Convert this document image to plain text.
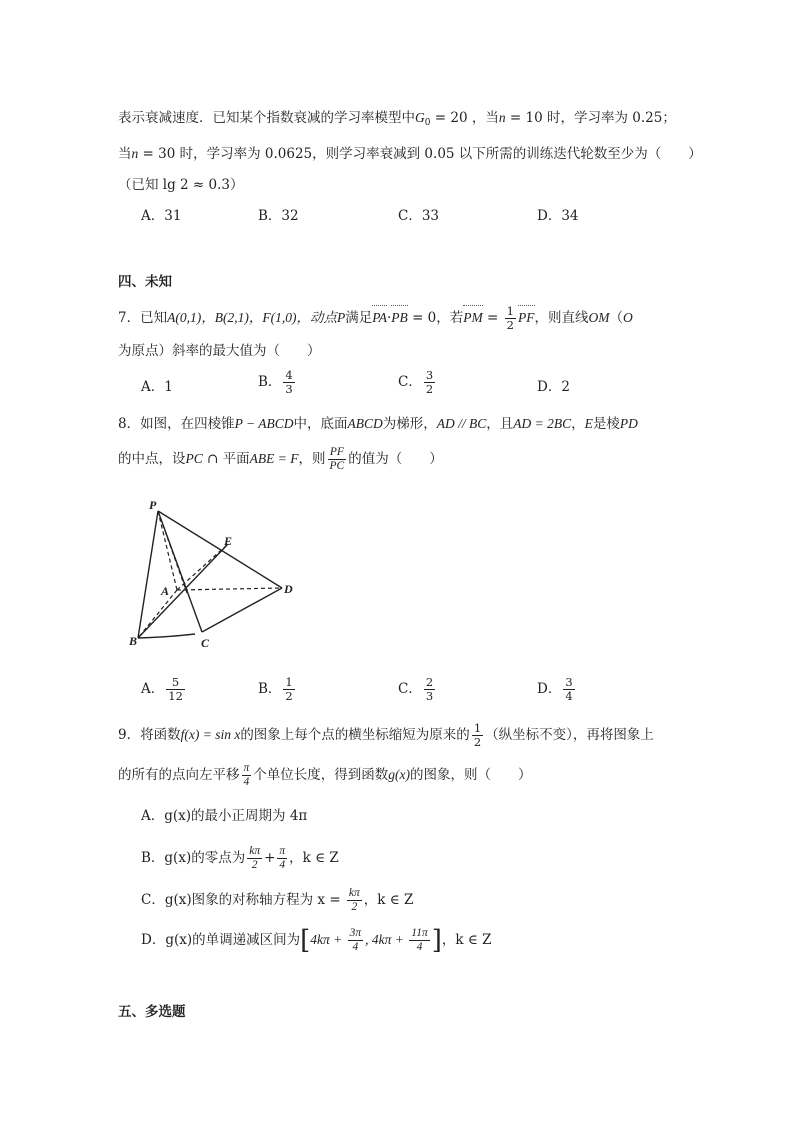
表示衰减速度．已知某个指数衰减的学习率模型中$G_0 = 20$ ，当n = 10 时，学习率为 0.25；
当n = 30 时，学习率为 0.0625，则学习率衰减到 0.05 以下所需的训练迭代轮数至少为（　　）
（已知 lg 2 ≈ 0.3）
A．31	B．32	C．33	D．34
四、未知
7．已知A(0,1)，B(2,1)，F(1,0)，动点P满足PA·PB = 0，若PM = $\frac{1}{2}$ PF，则直线OM（O
为原点）斜率的最大值为（　　）
A．1	B． $\frac{4}{3}$	C． $\frac{3}{2}$	D．2
8．如图，在四棱锥P − ABCD中，底面ABCD为梯形，AD // BC，且AD = 2BC，E是棱PD
的中点，设PC ∩ 平面ABE = F，则 $\frac{PF}{PC}$ 的值为（　　）
P
E
A	D
B	C
A． $\frac{5}{12}$	B． $\frac{1}{2}$	C． $\frac{2}{3}$	D． $\frac{3}{4}$
9．将函数f(x) = sin x的图象上每个点的横坐标缩短为原来的 $\frac{1}{2}$ （纵坐标不变），再将图象上
的所有的点向左平移 $\frac{\pi}{4}$ 个单位长度，得到函数g(x)的图象，则（　　）
A．g(x)的最小正周期为 4π
B．g(x)的零点为 $\frac{k\pi}{2} + \frac{\pi}{4}$ ，k ∈ Z
C．g(x)图象的对称轴方程为 $x = \frac{k\pi}{2}$ ，k ∈ Z
D．g(x)的单调递减区间为[$4k\pi + \frac{3\pi}{4}$ , $4k\pi + \frac{11\pi}{4}$ ]，k ∈ Z
五、多选题
